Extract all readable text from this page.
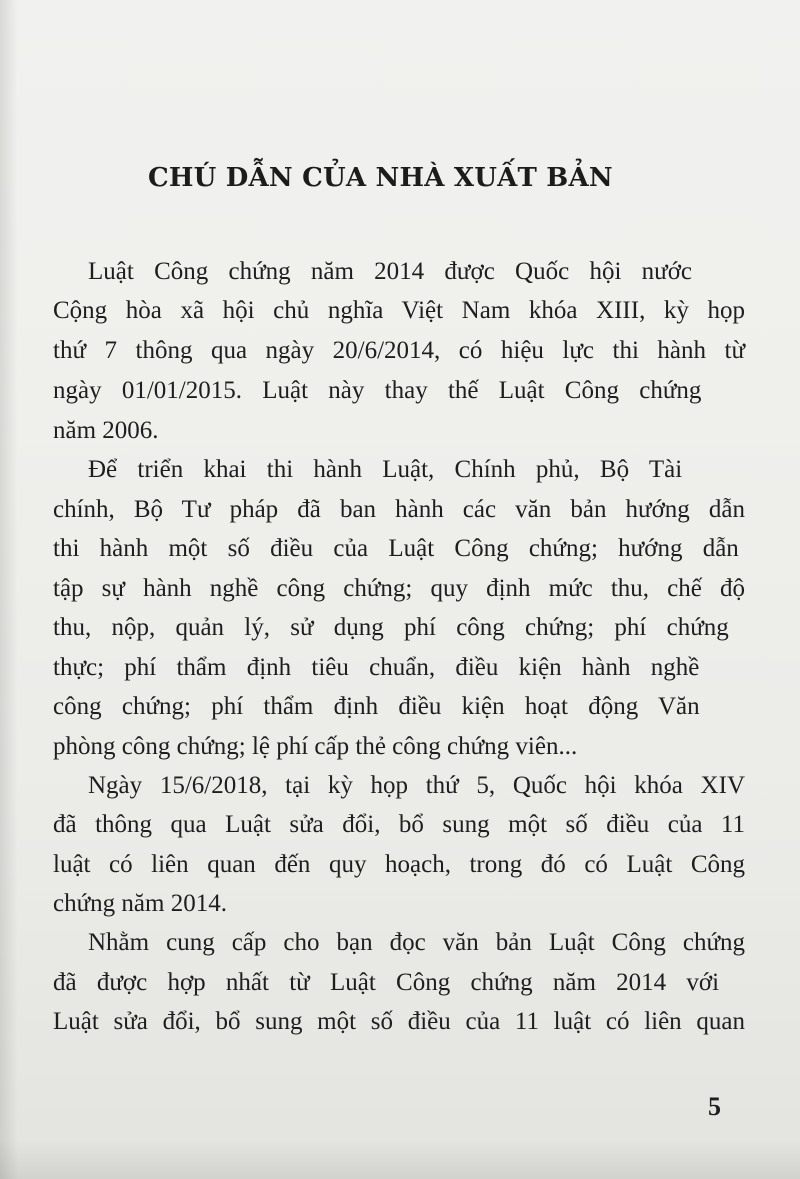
CHÚ DẪN CỦA NHÀ XUẤT BẢN
Luật Công chứng năm 2014 được Quốc hội nước
Cộng hòa xã hội chủ nghĩa Việt Nam khóa XIII, kỳ họp
thứ 7 thông qua ngày 20/6/2014, có hiệu lực thi hành từ
ngày 01/01/2015. Luật này thay thế Luật Công chứng
năm 2006.
Để triển khai thi hành Luật, Chính phủ, Bộ Tài
chính, Bộ Tư pháp đã ban hành các văn bản hướng dẫn
thi hành một số điều của Luật Công chứng; hướng dẫn
tập sự hành nghề công chứng; quy định mức thu, chế độ
thu, nộp, quản lý, sử dụng phí công chứng; phí chứng
thực; phí thẩm định tiêu chuẩn, điều kiện hành nghề
công chứng; phí thẩm định điều kiện hoạt động Văn
phòng công chứng; lệ phí cấp thẻ công chứng viên...
Ngày 15/6/2018, tại kỳ họp thứ 5, Quốc hội khóa XIV
đã thông qua Luật sửa đổi, bổ sung một số điều của 11
luật có liên quan đến quy hoạch, trong đó có Luật Công
chứng năm 2014.
Nhằm cung cấp cho bạn đọc văn bản Luật Công chứng
đã được hợp nhất từ Luật Công chứng năm 2014 với
Luật sửa đổi, bổ sung một số điều của 11 luật có liên quan
5
